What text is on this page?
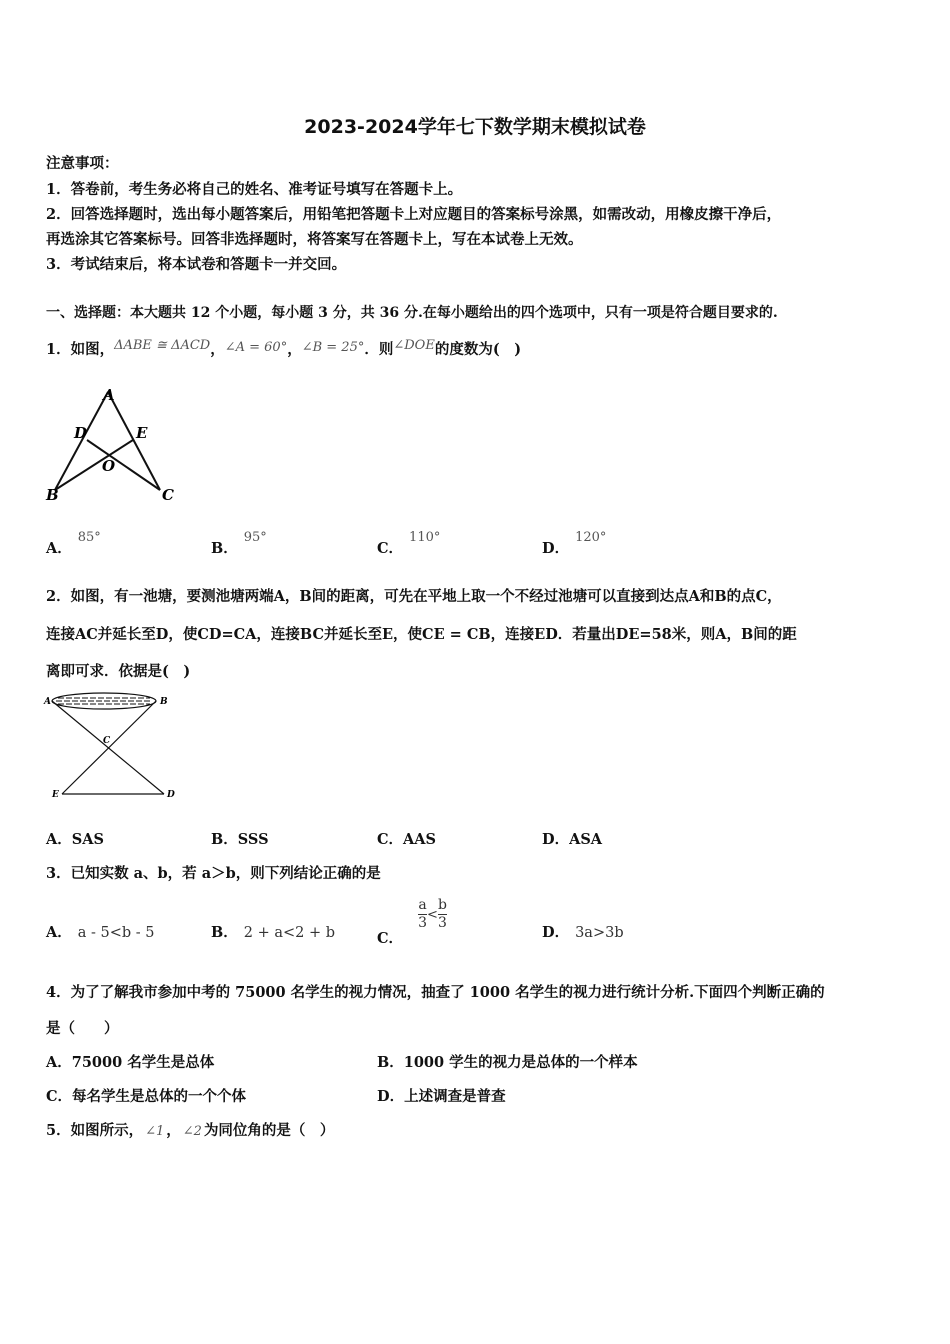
2023-2024学年七下数学期末模拟试卷
注意事项：
1．答卷前，考生务必将自己的姓名、准考证号填写在答题卡上。
2．回答选择题时，选出每小题答案后，用铅笔把答题卡上对应题目的答案标号涂黑，如需改动，用橡皮擦干净后，
再选涂其它答案标号。回答非选择题时，将答案写在答题卡上，写在本试卷上无效。
3．考试结束后，将本试卷和答题卡一并交回。
一、选择题：本大题共 12 个小题，每小题 3 分，共 36 分.在每小题给出的四个选项中，只有一项是符合题目要求的.
1．如图，ΔABE ≅ ΔACD，∠A = 60°，∠B = 25°．则∠DOE的度数为(　)
A
D	E
O
B	C
A．85°
B．95°
C．110°
D．120°
2．如图，有一池塘，要测池塘两端A，B间的距离，可先在平地上取一个不经过池塘可以直接到达点A和B的点C，
连接AC并延长至D，使CD=CA，连接BC并延长至E，使CE = CB，连接ED．若量出DE=58米，则A，B间的距
离即可求．依据是(　)
A	B
C
E	D
A．SAS	B．SSS	C．AAS	D．ASA
3．已知实数 a、b，若 a＞b，则下列结论正确的是
A． a - 5<b - 5	B． 2 + a<2 + b	C．
$\frac{a}{3} < \frac{b}{3}$
D． 3a>3b
4．为了了解我市参加中考的 75000 名学生的视力情况，抽查了 1000 名学生的视力进行统计分析.下面四个判断正确的
是（　　）
A．75000 名学生是总体	B．1000 学生的视力是总体的一个样本
C．每名学生是总体的一个个体	D．上述调查是普查
5．如图所示， ∠1 ， ∠2 为同位角的是（　）
